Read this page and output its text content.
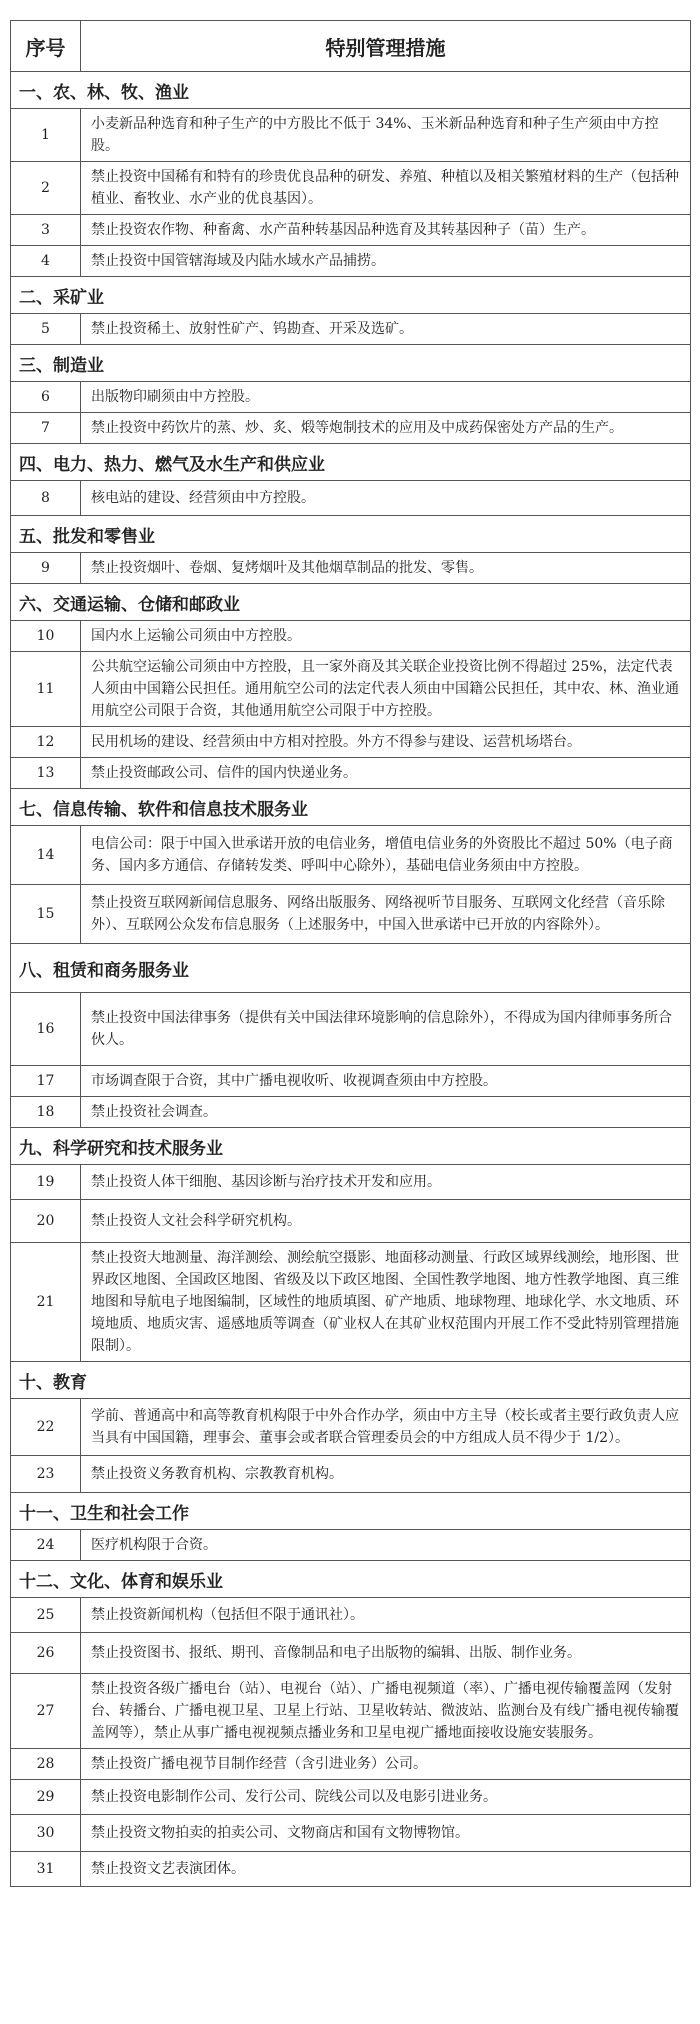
序号	特别管理措施
一、农、林、牧、渔业	
1	小麦新品种选育和种子生产的中方股比不低于 34%、玉米新品种选育和种子生产须由中方控股。
2	禁止投资中国稀有和特有的珍贵优良品种的研发、养殖、种植以及相关繁殖材料的生产（包括种植业、畜牧业、水产业的优良基因）。
3	禁止投资农作物、种畜禽、水产苗种转基因品种选育及其转基因种子（苗）生产。
4	禁止投资中国管辖海域及内陆水域水产品捕捞。
二、采矿业	
5	禁止投资稀土、放射性矿产、钨勘查、开采及选矿。
三、制造业	
6	出版物印刷须由中方控股。
7	禁止投资中药饮片的蒸、炒、炙、煅等炮制技术的应用及中成药保密处方产品的生产。
四、电力、热力、燃气及水生产和供应业	
8	核电站的建设、经营须由中方控股。
五、批发和零售业	
9	禁止投资烟叶、卷烟、复烤烟叶及其他烟草制品的批发、零售。
六、交通运输、仓储和邮政业	
10	国内水上运输公司须由中方控股。
11	公共航空运输公司须由中方控股，且一家外商及其关联企业投资比例不得超过 25%，法定代表人须由中国籍公民担任。通用航空公司的法定代表人须由中国籍公民担任，其中农、林、渔业通用航空公司限于合资，其他通用航空公司限于中方控股。
12	民用机场的建设、经营须由中方相对控股。外方不得参与建设、运营机场塔台。
13	禁止投资邮政公司、信件的国内快递业务。
七、信息传输、软件和信息技术服务业	
14	电信公司：限于中国入世承诺开放的电信业务，增值电信业务的外资股比不超过 50%（电子商务、国内多方通信、存储转发类、呼叫中心除外），基础电信业务须由中方控股。
15	禁止投资互联网新闻信息服务、网络出版服务、网络视听节目服务、互联网文化经营（音乐除外）、互联网公众发布信息服务（上述服务中，中国入世承诺中已开放的内容除外）。
八、租赁和商务服务业	
16	禁止投资中国法律事务（提供有关中国法律环境影响的信息除外），不得成为国内律师事务所合伙人。
17	市场调查限于合资，其中广播电视收听、收视调查须由中方控股。
18	禁止投资社会调查。
九、科学研究和技术服务业	
19	禁止投资人体干细胞、基因诊断与治疗技术开发和应用。
20	禁止投资人文社会科学研究机构。
21	禁止投资大地测量、海洋测绘、测绘航空摄影、地面移动测量、行政区域界线测绘，地形图、世界政区地图、全国政区地图、省级及以下政区地图、全国性教学地图、地方性教学地图、真三维地图和导航电子地图编制，区域性的地质填图、矿产地质、地球物理、地球化学、水文地质、环境地质、地质灾害、遥感地质等调查（矿业权人在其矿业权范围内开展工作不受此特别管理措施限制）。
十、教育	
22	学前、普通高中和高等教育机构限于中外合作办学，须由中方主导（校长或者主要行政负责人应当具有中国国籍，理事会、董事会或者联合管理委员会的中方组成人员不得少于 1/2）。
23	禁止投资义务教育机构、宗教教育机构。
十一、卫生和社会工作	
24	医疗机构限于合资。
十二、文化、体育和娱乐业	
25	禁止投资新闻机构（包括但不限于通讯社）。
26	禁止投资图书、报纸、期刊、音像制品和电子出版物的编辑、出版、制作业务。
27	禁止投资各级广播电台（站）、电视台（站）、广播电视频道（率）、广播电视传输覆盖网（发射台、转播台、广播电视卫星、卫星上行站、卫星收转站、微波站、监测台及有线广播电视传输覆盖网等），禁止从事广播电视视频点播业务和卫星电视广播地面接收设施安装服务。
28	禁止投资广播电视节目制作经营（含引进业务）公司。
29	禁止投资电影制作公司、发行公司、院线公司以及电影引进业务。
30	禁止投资文物拍卖的拍卖公司、文物商店和国有文物博物馆。
31	禁止投资文艺表演团体。
